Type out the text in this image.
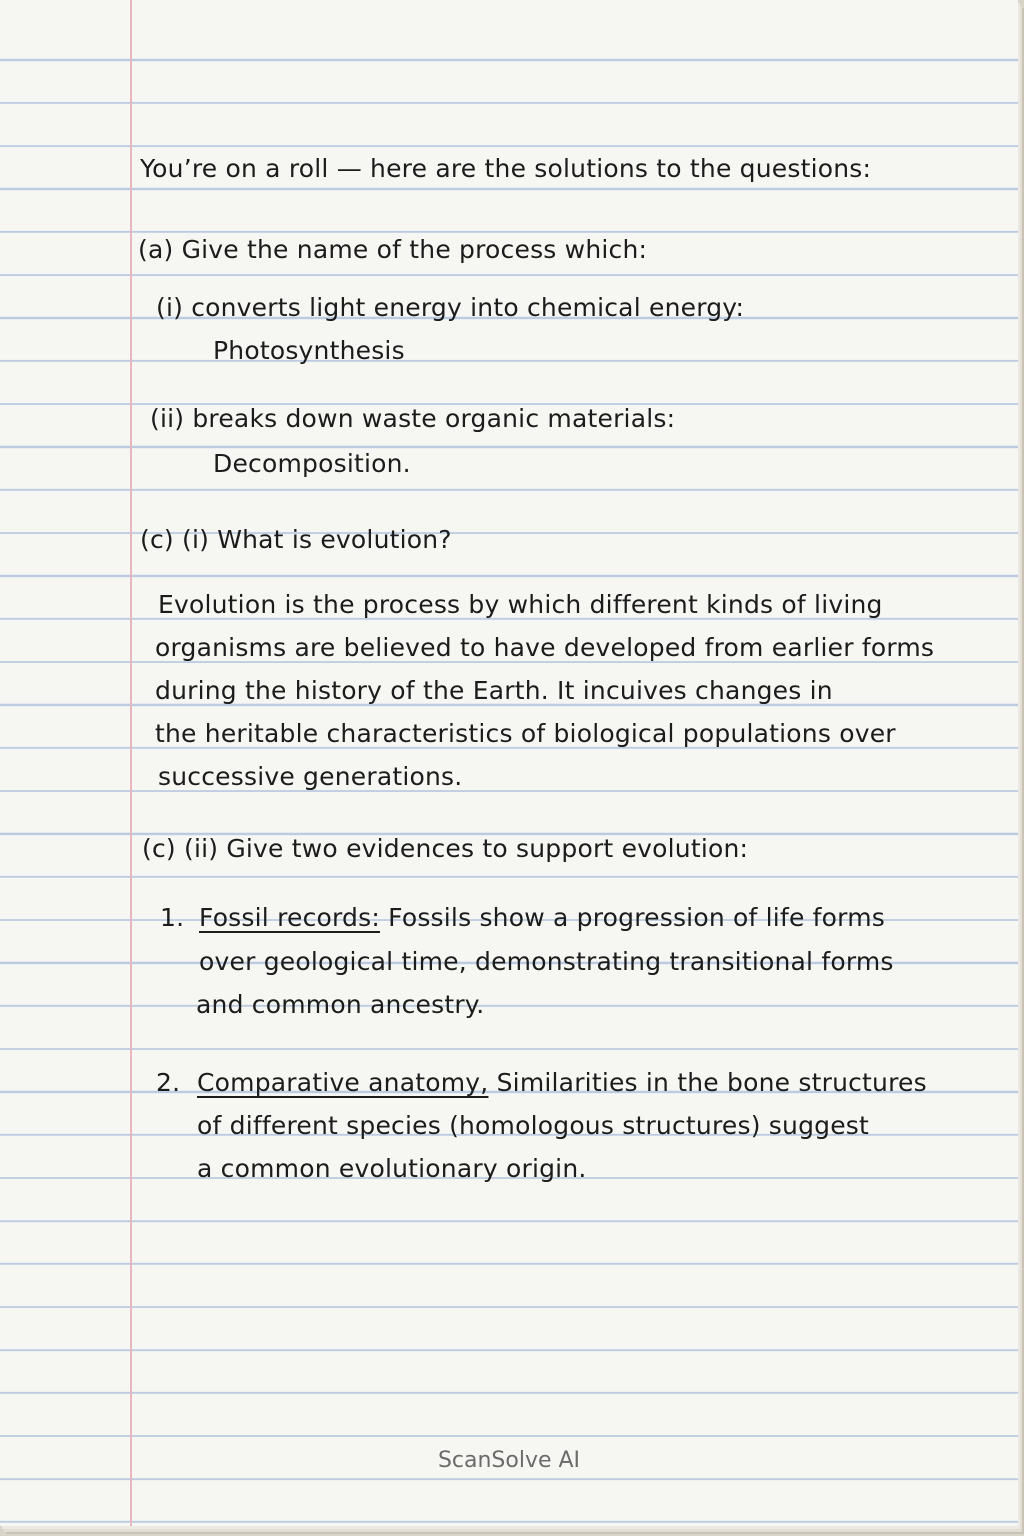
You’re on a roll — here are the solutions to the questions:

(a) Give the name of the process which:

(i) converts light energy into chemical energy:

Photosynthesis

(ii) breaks down waste organic materials:

Decomposition.

(c) (i) What is evolution?

Evolution is the process by which different kinds of living

organisms are believed to have developed from earlier forms

during the history of the Earth. It incuives changes in

the heritable characteristics of biological populations over

successive generations.

(c) (ii) Give two evidences to support evolution:

1. Fossil records: Fossils show a progression of life forms

over geological time, demonstrating transitional forms

and common ancestry.

2. Comparative anatomy, Similarities in the bone structures

of different species (homologous structures) suggest

a common evolutionary origin.

ScanSolve AI
